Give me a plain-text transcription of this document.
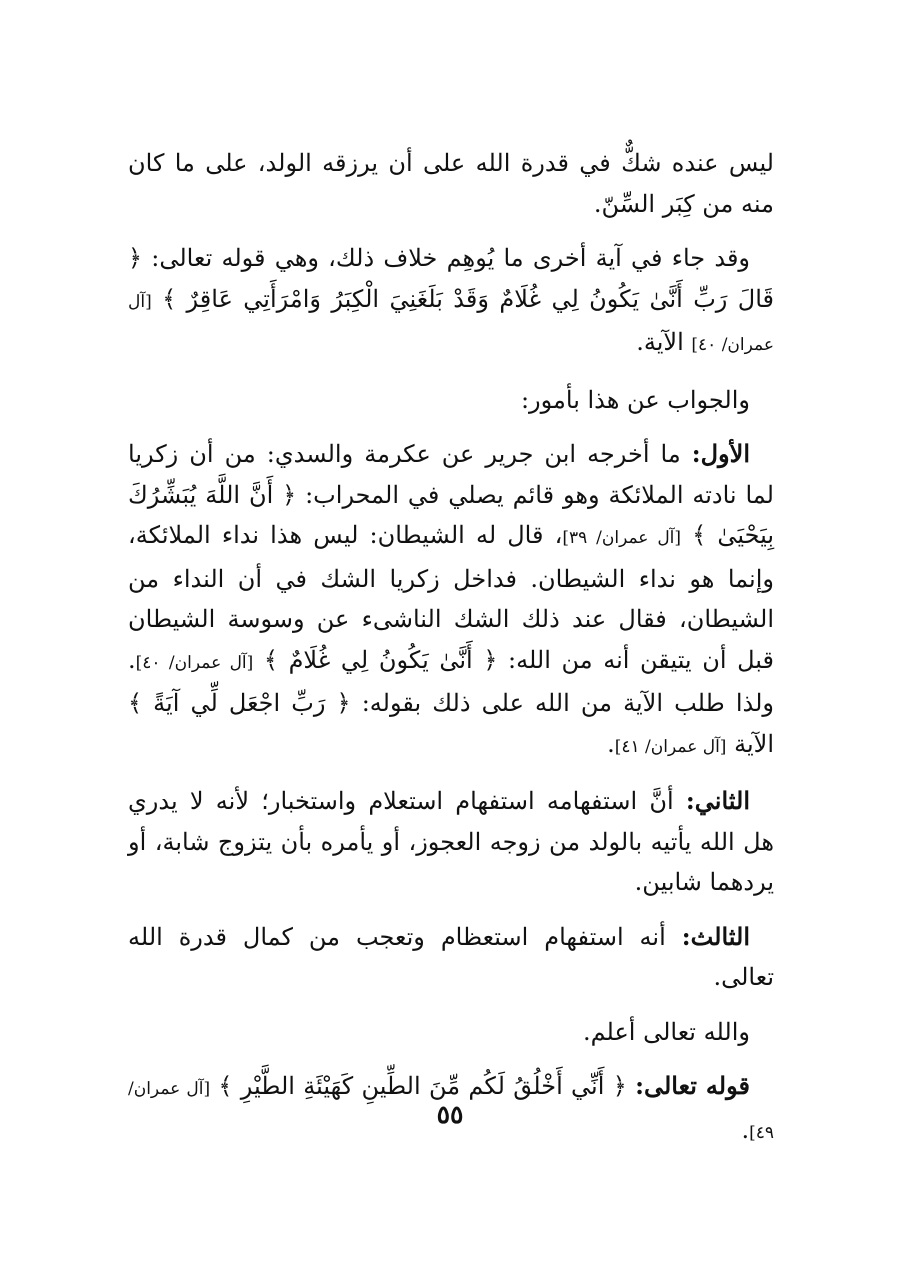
ليس عنده شكٌّ في قدرة الله على أن يرزقه الولد، على ما كان منه من كِبَر السِّنّ.

وقد جاء في آية أخرى ما يُوهِم خلاف ذلك، وهي قوله تعالى: ﴿ قَالَ رَبِّ أَنَّىٰ يَكُونُ لِي غُلَامٌ وَقَدْ بَلَغَنِيَ الْكِبَرُ وَامْرَأَتِي عَاقِرٌ ﴾ [آل عمران/ ٤٠] الآية.

والجواب عن هذا بأمور:

الأول: ما أخرجه ابن جرير عن عكرمة والسدي: من أن زكريا لما نادته الملائكة وهو قائم يصلي في المحراب: ﴿ أَنَّ اللَّهَ يُبَشِّرُكَ بِيَحْيَىٰ ﴾ [آل عمران/ ٣٩]، قال له الشيطان: ليس هذا نداء الملائكة، وإنما هو نداء الشيطان. فداخل زكريا الشك في أن النداء من الشيطان، فقال عند ذلك الشك الناشىء عن وسوسة الشيطان قبل أن يتيقن أنه من الله: ﴿ أَنَّىٰ يَكُونُ لِي غُلَامٌ ﴾ [آل عمران/ ٤٠]. ولذا طلب الآية من الله على ذلك بقوله: ﴿ رَبِّ اجْعَل لِّي آيَةً ﴾ الآية [آل عمران/ ٤١].

الثاني: أنَّ استفهامه استفهام استعلام واستخبار؛ لأنه لا يدري هل الله يأتيه بالولد من زوجه العجوز، أو يأمره بأن يتزوج شابة، أو يردهما شابين.

الثالث: أنه استفهام استعظام وتعجب من كمال قدرة الله تعالى.

والله تعالى أعلم.

قوله تعالى: ﴿ أَنِّي أَخْلُقُ لَكُم مِّنَ الطِّينِ كَهَيْئَةِ الطَّيْرِ ﴾ [آل عمران/ ٤٩].

٥٥
